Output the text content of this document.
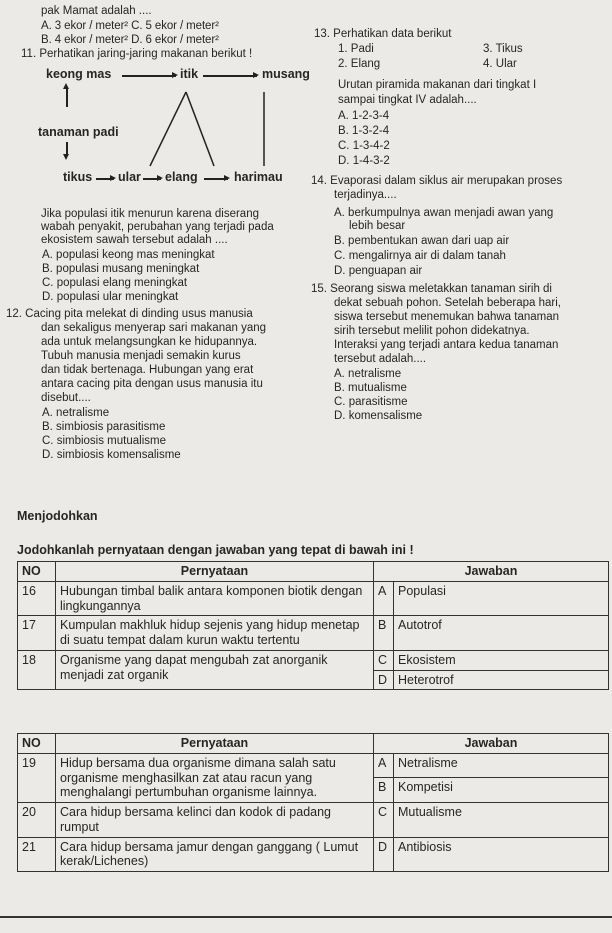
pak Mamat adalah ....
A. 3 ekor / meter² C. 5 ekor / meter²
B. 4 ekor / meter² D. 6 ekor / meter²
11. Perhatikan jaring-jaring makanan berikut !
keong mas	itik	musang
tanaman padi
tikus ular elang	harimau
Jika populasi itik menurun karena diserang
wabah penyakit, perubahan yang terjadi pada
ekosistem sawah tersebut adalah ....
A. populasi keong mas meningkat
B. populasi musang meningkat
C. populasi elang meningkat
D. populasi ular meningkat
12. Cacing pita melekat di dinding usus manusia
dan sekaligus menyerap sari makanan yang
ada untuk melangsungkan ke hidupannya.
Tubuh manusia menjadi semakin kurus
dan tidak bertenaga. Hubungan yang erat
antara cacing pita dengan usus manusia itu
disebut....
A. netralisme
B. simbiosis parasitisme
C. simbiosis mutualisme
D. simbiosis komensalisme
13. Perhatikan data berikut
1. Padi	3. Tikus
2. Elang	4. Ular
Urutan piramida makanan dari tingkat I
sampai tingkat IV adalah....
A. 1-2-3-4
B. 1-3-2-4
C. 1-3-4-2
D. 1-4-3-2
14. Evaporasi dalam siklus air merupakan proses
terjadinya....
A. berkumpulnya awan menjadi awan yang
lebih besar
B. pembentukan awan dari uap air
C. mengalirnya air di dalam tanah
D. penguapan air
15. Seorang siswa meletakkan tanaman sirih di
dekat sebuah pohon. Setelah beberapa hari,
siswa tersebut menemukan bahwa tanaman
sirih tersebut melilit pohon didekatnya.
Interaksi yang terjadi antara kedua tanaman
tersebut adalah....
A. netralisme
B. mutualisme
C. parasitisme
D. komensalisme
Menjodohkan
Jodohkanlah pernyataan dengan jawaban yang tepat di bawah ini !
NO	Pernyataan	Jawaban	
16	Hubungan timbal balik antara komponen biotik dengan lingkungannya	A	Populasi
17	Kumpulan makhluk hidup sejenis yang hidup menetap di suatu tempat dalam kurun waktu tertentu	B	Autotrof
18	Organisme yang dapat mengubah zat anorganik menjadi zat organik	C	Ekosistem
		D	Heterotrof
NO	Pernyataan	Jawaban	
19	Hidup bersama dua organisme dimana salah satu organisme menghasilkan zat atau racun yang menghalangi pertumbuhan organisme lainnya.	A	Netralisme
		B	Kompetisi
20	Cara hidup bersama kelinci dan kodok di padang rumput	C	Mutualisme
21	Cara hidup bersama jamur dengan ganggang ( Lumut kerak/Lichenes)	D	Antibiosis
